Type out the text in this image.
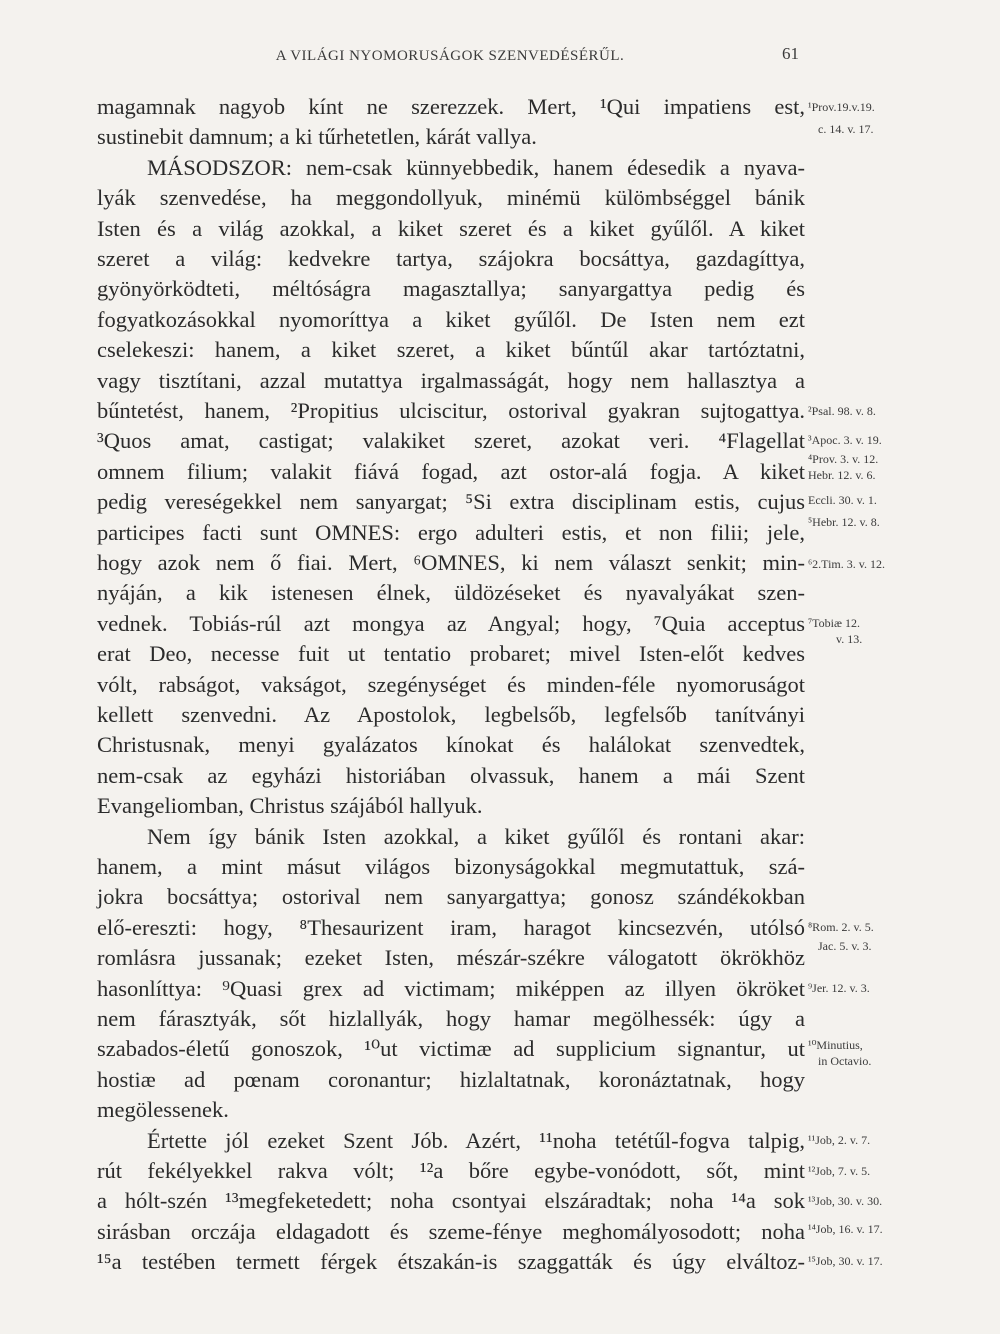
A VILÁGI NYOMORUSÁGOK SZENVEDÉSÉRŰL.	61
magamnak nagyob kínt ne szerezzek. Mert, ¹Qui impatiens est,
sustinebit damnum; a ki tűrhetetlen, kárát vallya.
MÁSODSZOR: nem-csak künnyebbedik, hanem édesedik a nyava-
lyák szenvedése, ha meggondollyuk, minémü külömbséggel bánik
Isten és a világ azokkal, a kiket szeret és a kiket gyűlől. A kiket
szeret a világ: kedvekre tartya, szájokra bocsáttya, gazdagíttya,
gyönyörködteti, méltóságra magasztallya; sanyargattya pedig és
fogyatkozásokkal nyomoríttya a kiket gyűlől. De Isten nem ezt
cselekeszi: hanem, a kiket szeret, a kiket bűntűl akar tartóztatni,
vagy tisztítani, azzal mutattya irgalmasságát, hogy nem hallasztya a
bűntetést, hanem, ²Propitius ulciscitur, ostorival gyakran sujtogattya.
³Quos amat, castigat; valakiket szeret, azokat veri. ⁴Flagellat
omnem filium; valakit fiává fogad, azt ostor-alá fogja. A kiket
pedig vereségekkel nem sanyargat; ⁵Si extra disciplinam estis, cujus
participes facti sunt OMNES: ergo adulteri estis, et non filii; jele,
hogy azok nem ő fiai. Mert, ⁶OMNES, ki nem választ senkit; min-
nyáján, a kik istenesen élnek, üldözéseket és nyavalyákat szen-
vednek. Tobiás-rúl azt mongya az Angyal; hogy, ⁷Quia acceptus
erat Deo, necesse fuit ut tentatio probaret; mivel Isten-előt kedves
vólt, rabságot, vakságot, szegénységet és minden-féle nyomoruságot
kellett szenvedni. Az Apostolok, legbelsőb, legfelsőb tanítványi
Christusnak, menyi gyalázatos kínokat és halálokat szenvedtek,
nem-csak az egyházi historiában olvassuk, hanem a mái Szent
Evangeliomban, Christus szájából hallyuk.
Nem így bánik Isten azokkal, a kiket gyűlől és rontani akar:
hanem, a mint másut világos bizonyságokkal megmutattuk, szá-
jokra bocsáttya; ostorival nem sanyargattya; gonosz szándékokban
elő-ereszti: hogy, ⁸Thesaurizent iram, haragot kincsezvén, utólsó
romlásra jussanak; ezeket Isten, mészár-székre válogatott ökrökhöz
hasonlíttya: ⁹Quasi grex ad victimam; miképpen az illyen ökröket
nem fárasztyák, sőt hizlallyák, hogy hamar megölhessék: úgy a
szabados-életű gonoszok, ¹⁰ut victimæ ad supplicium signantur, ut
hostiæ ad pœnam coronantur; hizlaltatnak, koronáztatnak, hogy
megölessenek.
Értette jól ezeket Szent Jób. Azért, ¹¹noha tetétűl-fogva talpig,
rút fekélyekkel rakva vólt; ¹²a bőre egybe-vonódott, sőt, mint
a hólt-szén ¹³megfeketedett; noha csontyai elszáradtak; noha ¹⁴a sok
sirásban orczája eldagadott és szeme-fénye meghomályosodott; noha
¹⁵a testében termett férgek étszakán-is szaggatták és úgy elváltoz-
¹Prov.19.v.19.
c. 14. v. 17.
²Psal. 98. v. 8.
³Apoc. 3. v. 19.
⁴Prov. 3. v. 12.
Hebr. 12. v. 6.
Eccli. 30. v. 1.
⁵Hebr. 12. v. 8.
⁶2.Tim. 3. v. 12.
⁷Tobiæ 12.
v. 13.
⁸Rom. 2. v. 5.
Jac. 5. v. 3.
⁹Jer. 12. v. 3.
¹⁰Minutius,
in Octavio.
¹¹Job, 2. v. 7.
¹²Job, 7. v. 5.
¹³Job, 30. v. 30.
¹⁴Job, 16. v. 17.
¹⁵Job, 30. v. 17.
